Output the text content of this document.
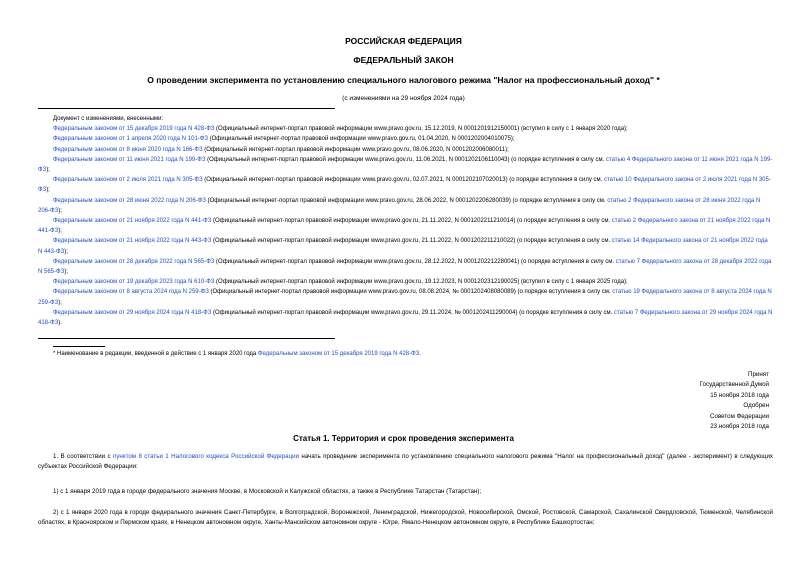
РОССИЙСКАЯ ФЕДЕРАЦИЯ
ФЕДЕРАЛЬНЫЙ ЗАКОН
О проведении эксперимента по установлению специального налогового режима "Налог на профессиональный доход" *
(с изменениями на 29 ноября 2024 года)
Документ с изменениями, внесенными:
Федеральным законом от 15 декабря 2019 года N 428-ФЗ (Официальный интернет-портал правовой информации www.pravo.gov.ru, 15.12.2019, N 0001201912150001) (вступил в силу с 1 января 2020 года);
Федеральным законом от 1 апреля 2020 года N 101-ФЗ (Официальный интернет-портал правовой информации www.pravo.gov.ru, 01.04.2020, N 0001202004010075);
Федеральным законом от 8 июня 2020 года N 166-ФЗ (Официальный интернет-портал правовой информации www.pravo.gov.ru, 08.06.2020, N 0001202006080011);
Федеральным законом от 11 июня 2021 года N 199-ФЗ (Официальный интернет-портал правовой информации www.pravo.gov.ru, 11.06.2021, N 0001202106110043) (о порядке вступления в силу см. статью 4 Федерального закона от 11 июня 2021 года N 199-ФЗ);
Федеральным законом от 2 июля 2021 года N 305-ФЗ (Официальный интернет-портал правовой информации www.pravo.gov.ru, 02.07.2021, N 0001202107020013) (о порядке вступления в силу см. статью 10 Федерального закона от 2 июля 2021 года N 305-ФЗ);
Федеральным законом от 28 июня 2022 года N 206-ФЗ (Официальный интернет-портал правовой информации www.pravo.gov.ru, 28.06.2022, N 0001202206280039) (о порядке вступления в силу см. статью 2 Федерального закона от 28 июня 2022 года N 206-ФЗ);
Федеральным законом от 21 ноября 2022 года N 441-ФЗ (Официальный интернет-портал правовой информации www.pravo.gov.ru, 21.11.2022, N 0001202211210014) (о порядке вступления в силу см. статью 2 Федерального закона от 21 ноября 2022 года N 441-ФЗ);
Федеральным законом от 21 ноября 2022 года N 443-ФЗ (Официальный интернет-портал правовой информации www.pravo.gov.ru, 21.11.2022, N 0001202211210022) (о порядке вступления в силу см. статью 14 Федерального закона от 21 ноября 2022 года N 443-ФЗ);
Федеральным законом от 28 декабря 2022 года N 565-ФЗ (Официальный интернет-портал правовой информации www.pravo.gov.ru, 28.12.2022, N 0001202212280041) (о порядке вступления в силу см. статью 7 Федерального закона от 28 декабря 2022 года N 565-ФЗ);
Федеральным законом от 19 декабря 2023 года N 610-ФЗ (Официальный интернет-портал правовой информации www.pravo.gov.ru, 19.12.2023, N 0001202312190025) (вступил в силу с 1 января 2025 года);
Федеральным законом от 8 августа 2024 года N 259-ФЗ (Официальный интернет-портал правовой информации www.pravo.gov.ru, 08.08.2024, № 0001202408080089) (о порядке вступления в силу см. статью 19 Федерального закона от 8 августа 2024 года N 259-ФЗ);
Федеральным законом от 29 ноября 2024 года N 418-ФЗ (Официальный интернет-портал правовой информации www.pravo.gov.ru, 29.11.2024, № 0001202411290004) (о порядке вступления в силу см. статью 7 Федерального закона от 29 ноября 2024 года N 418-ФЗ).
* Наименование в редакции, введенной в действие с 1 января 2020 года Федеральным законом от 15 декабря 2019 года N 428-ФЗ.
Принят
Государственной Думой
15 ноября 2018 года
Одобрен
Советом Федерации
23 ноября 2018 года
Статья 1. Территория и срок проведения эксперимента
1. В соответствии с пунктом 8 статьи 1 Налогового кодекса Российской Федерации начать проведение эксперимента по установлению специального налогового режима "Налог на профессиональный доход" (далее - эксперимент) в следующих субъектах Российской Федерации:
1) с 1 января 2019 года в городе федерального значения Москве, в Московской и Калужской областях, а также в Республике Татарстан (Татарстан);
2) с 1 января 2020 года в городе федерального значения Санкт-Петербурге, в Волгоградской, Воронежской, Ленинградской, Нижегородской, Новосибирской, Омской, Ростовской, Самарской, Сахалинской Свердловской, Тюменской, Челябинской областях, в Красноярском и Пермском краях, в Ненецком автономном округе, Ханты-Мансийском автономном округе - Югре, Ямало-Ненецком автономном округе, в Республике Башкортостан;
